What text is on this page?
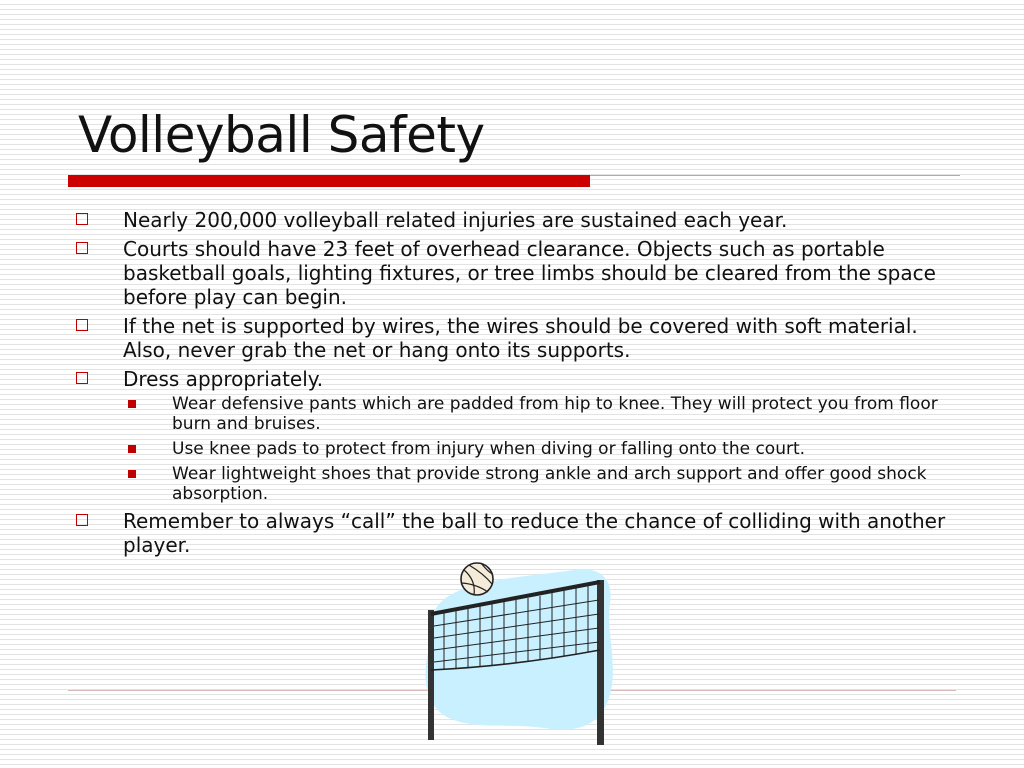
Volleyball Safety
Nearly 200,000 volleyball related injuries are sustained each year.
Courts should have 23 feet of overhead clearance. Objects such as portable basketball goals, lighting fixtures, or tree limbs should be cleared from the space before play can begin.
If the net is supported by wires, the wires should be covered with soft material. Also, never grab the net or hang onto its supports.
Dress appropriately.
Wear defensive pants which are padded from hip to knee. They will protect you from floor burn and bruises.
Use knee pads to protect from injury when diving or falling onto the court.
Wear lightweight shoes that provide strong ankle and arch support and offer good shock absorption.
Remember to always “call” the ball to reduce the chance of colliding with another player.
